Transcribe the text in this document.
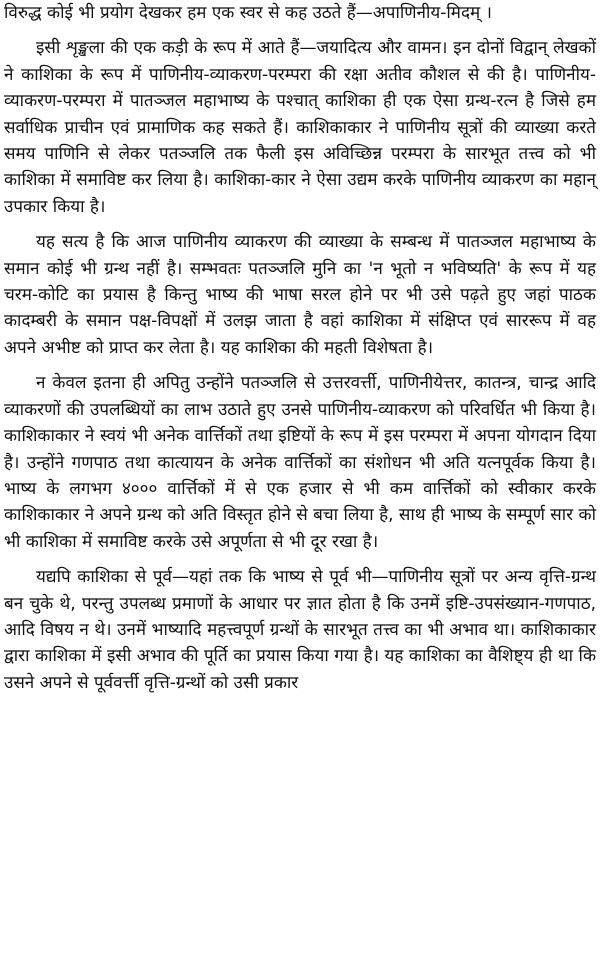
विरुद्ध कोई भी प्रयोग देखकर हम एक स्वर से कह उठते हैं—अपाणिनीय-मिदम् ।

इसी शृङ्खला की एक कड़ी के रूप में आते हैं—जयादित्य और वामन। इन दोनों विद्वान् लेखकों ने काशिका के रूप में पाणिनीय-व्याकरण-परम्परा की रक्षा अतीव कौशल से की है। पाणिनीय-व्याकरण-परम्परा में पातञ्जल महाभाष्य के पश्चात् काशिका ही एक ऐसा ग्रन्थ-रत्न है जिसे हम सर्वाधिक प्राचीन एवं प्रामाणिक कह सकते हैं। काशिकाकार ने पाणिनीय सूत्रों की व्याख्या करते समय पाणिनि से लेकर पतञ्जलि तक फैली इस अविच्छिन्न परम्परा के सारभूत तत्त्व को भी काशिका में समाविष्ट कर लिया है। काशिका-कार ने ऐसा उद्यम करके पाणिनीय व्याकरण का महान् उपकार किया है।

यह सत्य है कि आज पाणिनीय व्याकरण की व्याख्या के सम्बन्ध में पातञ्जल महाभाष्य के समान कोई भी ग्रन्थ नहीं है। सम्भवतः पतञ्जलि मुनि का 'न भूतो न भविष्यति' के रूप में यह चरम-कोटि का प्रयास है किन्तु भाष्य की भाषा सरल होने पर भी उसे पढ़ते हुए जहां पाठक कादम्बरी के समान पक्ष-विपक्षों में उलझ जाता है वहां काशिका में संक्षिप्त एवं साररूप में वह अपने अभीष्ट को प्राप्त कर लेता है। यह काशिका की महती विशेषता है।

न केवल इतना ही अपितु उन्होंने पतञ्जलि से उत्तरवर्त्ती, पाणिनीयेत्तर, कातन्त्र, चान्द्र आदि व्याकरणों की उपलब्धियों का लाभ उठाते हुए उनसे पाणिनीय-व्याकरण को परिवर्धित भी किया है। काशिकाकार ने स्वयं भी अनेक वार्त्तिकों तथा इष्टियों के रूप में इस परम्परा में अपना योगदान दिया है। उन्होंने गणपाठ तथा कात्यायन के अनेक वार्त्तिकों का संशोधन भी अति यत्नपूर्वक किया है। भाष्य के लगभग ४००० वार्त्तिकों में से एक हजार से भी कम वार्त्तिकों को स्वीकार करके काशिकाकार ने अपने ग्रन्थ को अति विस्तृत होने से बचा लिया है, साथ ही भाष्य के सम्पूर्ण सार को भी काशिका में समाविष्ट करके उसे अपूर्णता से भी दूर रखा है।

यद्यपि काशिका से पूर्व—यहां तक कि भाष्य से पूर्व भी—पाणिनीय सूत्रों पर अन्य वृत्ति-ग्रन्थ बन चुके थे, परन्तु उपलब्ध प्रमाणों के आधार पर ज्ञात होता है कि उनमें इष्टि-उपसंख्यान-गणपाठ, आदि विषय न थे। उनमें भाष्यादि महत्त्वपूर्ण ग्रन्थों के सारभूत तत्त्व का भी अभाव था। काशिकाकार द्वारा काशिका में इसी अभाव की पूर्ति का प्रयास किया गया है। यह काशिका का वैशिष्ट्य ही था कि उसने अपने से पूर्ववर्त्ती वृत्ति-ग्रन्थों को उसी प्रकार
